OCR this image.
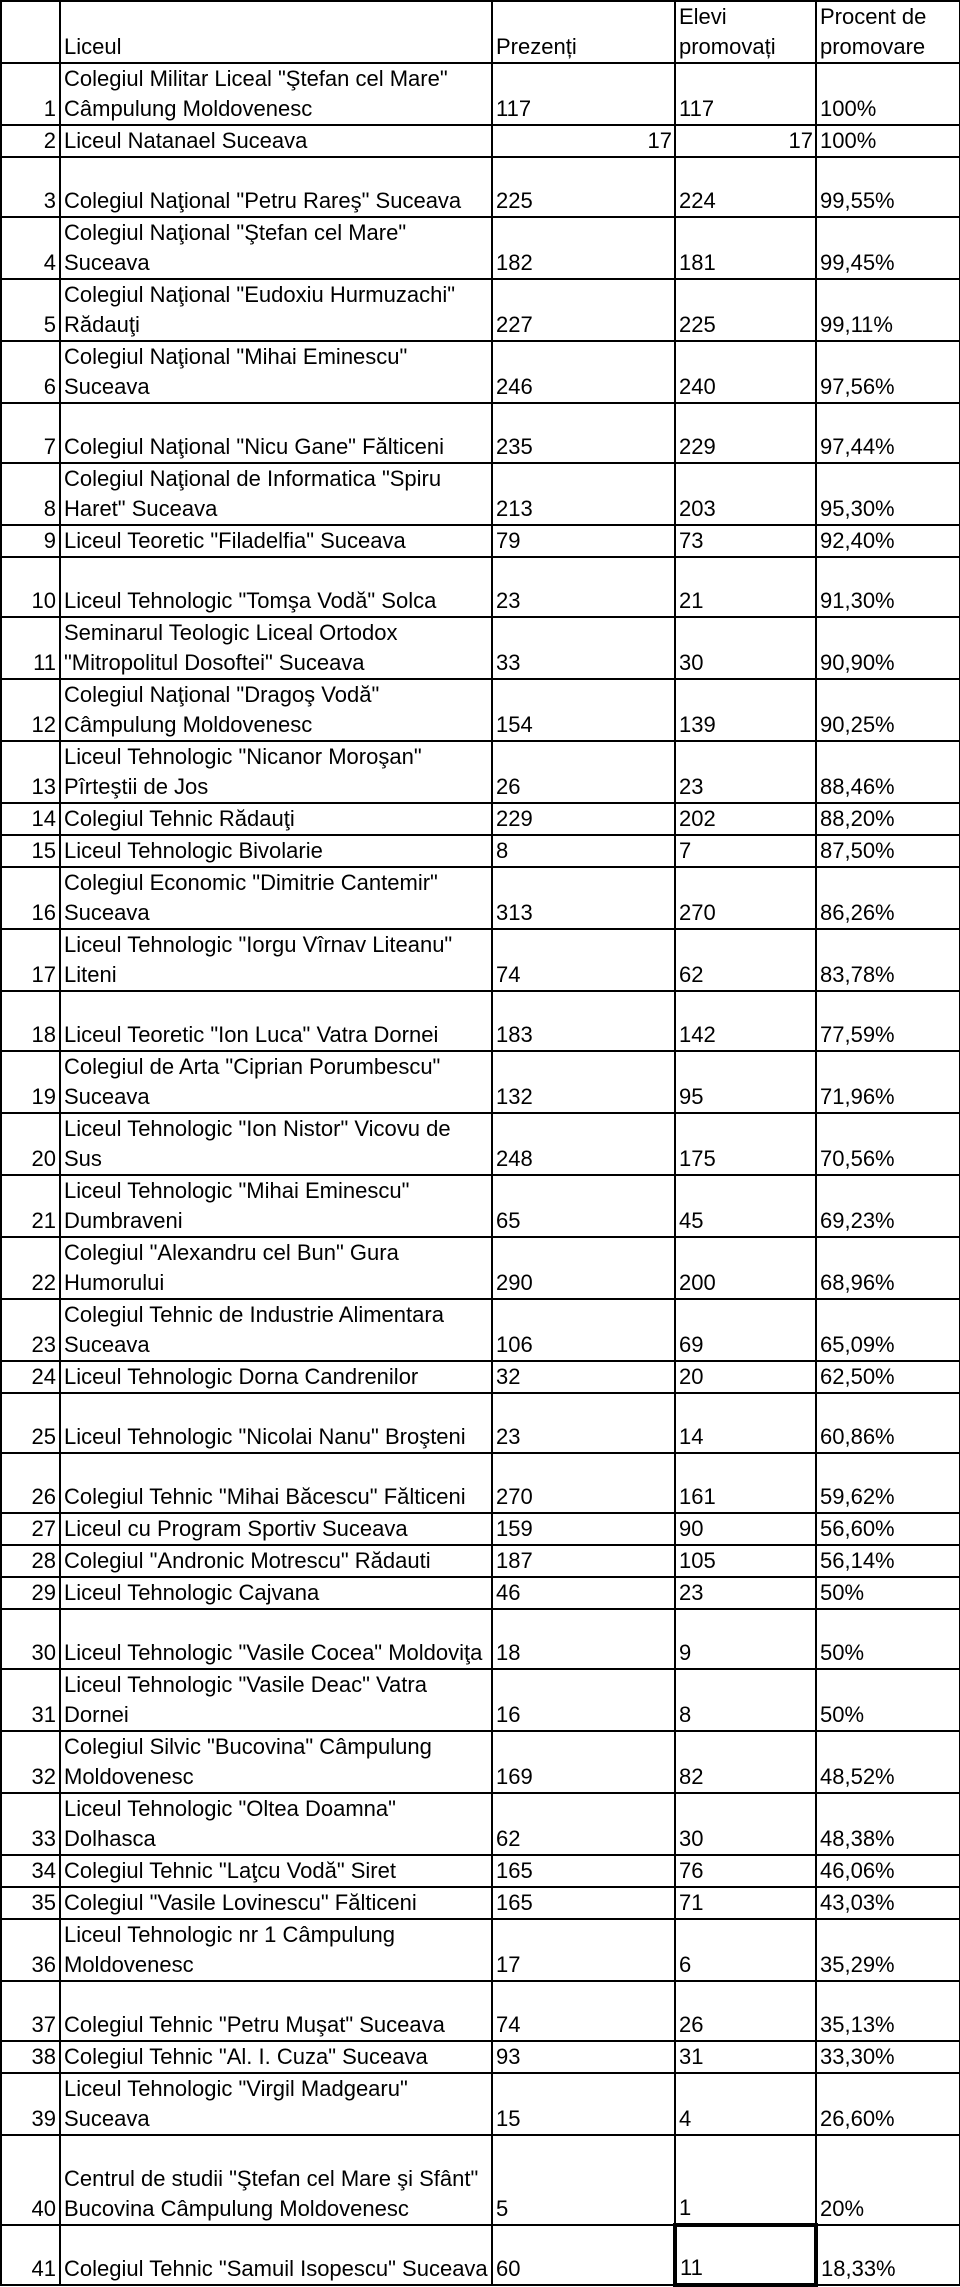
	Liceul	Prezenți	Elevi promovați	Procent de promovare
1	Colegiul Militar Liceal "Ştefan cel Mare" Câmpulung Moldovenesc	117	117	100%
2	Liceul Natanael Suceava	17	17	100%
3	Colegiul Naţional "Petru Rareş" Suceava	225	224	99,55%
4	Colegiul Naţional "Ştefan cel Mare" Suceava	182	181	99,45%
5	Colegiul Naţional "Eudoxiu Hurmuzachi" Rădauţi	227	225	99,11%
6	Colegiul Naţional "Mihai Eminescu" Suceava	246	240	97,56%
7	Colegiul Naţional "Nicu Gane" Fălticeni	235	229	97,44%
8	Colegiul Naţional de Informatica "Spiru Haret" Suceava	213	203	95,30%
9	Liceul Teoretic "Filadelfia" Suceava	79	73	92,40%
10	Liceul Tehnologic "Tomşa Vodă" Solca	23	21	91,30%
11	Seminarul Teologic Liceal Ortodox "Mitropolitul Dosoftei" Suceava	33	30	90,90%
12	Colegiul Naţional "Dragoş Vodă" Câmpulung Moldovenesc	154	139	90,25%
13	Liceul Tehnologic "Nicanor Moroşan" Pîrteştii de Jos	26	23	88,46%
14	Colegiul Tehnic Rădauţi	229	202	88,20%
15	Liceul Tehnologic Bivolarie	8	7	87,50%
16	Colegiul Economic "Dimitrie Cantemir" Suceava	313	270	86,26%
17	Liceul Tehnologic "Iorgu Vîrnav Liteanu" Liteni	74	62	83,78%
18	Liceul Teoretic "Ion Luca" Vatra Dornei	183	142	77,59%
19	Colegiul de Arta "Ciprian Porumbescu" Suceava	132	95	71,96%
20	Liceul Tehnologic "Ion Nistor" Vicovu de Sus	248	175	70,56%
21	Liceul Tehnologic "Mihai Eminescu" Dumbraveni	65	45	69,23%
22	Colegiul "Alexandru cel Bun" Gura Humorului	290	200	68,96%
23	Colegiul Tehnic de Industrie Alimentara Suceava	106	69	65,09%
24	Liceul Tehnologic Dorna Candrenilor	32	20	62,50%
25	Liceul Tehnologic "Nicolai Nanu" Broşteni	23	14	60,86%
26	Colegiul Tehnic "Mihai Băcescu" Fălticeni	270	161	59,62%
27	Liceul cu Program Sportiv Suceava	159	90	56,60%
28	Colegiul "Andronic Motrescu" Rădauti	187	105	56,14%
29	Liceul Tehnologic Cajvana	46	23	50%
30	Liceul Tehnologic "Vasile Cocea" Moldoviţa	18	9	50%
31	Liceul Tehnologic "Vasile Deac" Vatra Dornei	16	8	50%
32	Colegiul Silvic "Bucovina" Câmpulung Moldovenesc	169	82	48,52%
33	Liceul Tehnologic "Oltea Doamna" Dolhasca	62	30	48,38%
34	Colegiul Tehnic "Laţcu Vodă" Siret	165	76	46,06%
35	Colegiul "Vasile Lovinescu" Fălticeni	165	71	43,03%
36	Liceul Tehnologic nr 1 Câmpulung Moldovenesc	17	6	35,29%
37	Colegiul Tehnic "Petru Muşat" Suceava	74	26	35,13%
38	Colegiul Tehnic "Al. I. Cuza" Suceava	93	31	33,30%
39	Liceul Tehnologic "Virgil Madgearu" Suceava	15	4	26,60%
40	Centrul de studii "Ştefan cel Mare şi Sfânt" Bucovina Câmpulung Moldovenesc	5	1	20%
41	Colegiul Tehnic "Samuil Isopescu" Suceava	60	11	18,33%
